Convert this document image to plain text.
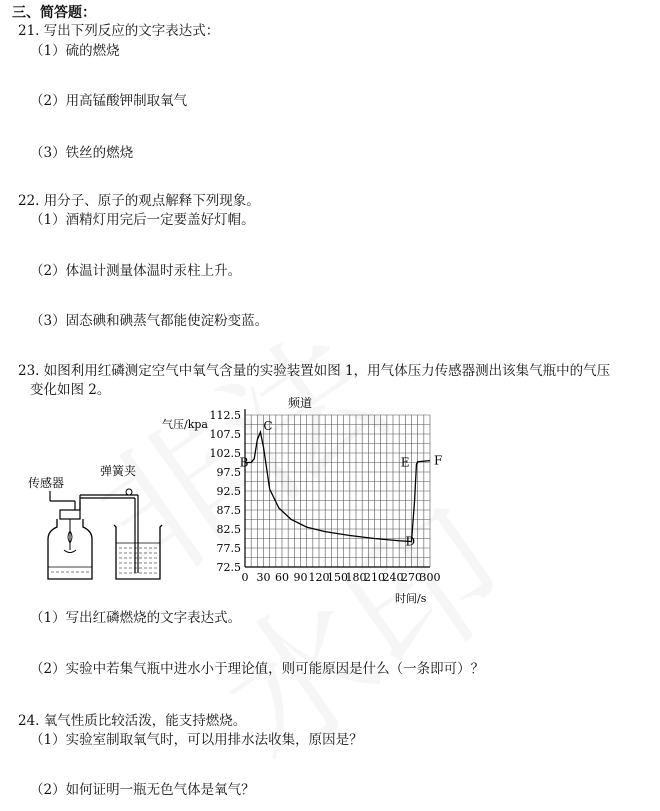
三、简答题：
21. 写出下列反应的文字表达式：
（1）硫的燃烧
（2）用高锰酸钾制取氧气
（3）铁丝的燃烧
22. 用分子、原子的观点解释下列现象。
（1）酒精灯用完后一定要盖好灯帽。
（2）体温计测量体温时汞柱上升。
（3）固态碘和碘蒸气都能使淀粉变蓝。
23. 如图利用红磷测定空气中氧气含量的实验装置如图 1，用气体压力传感器测出该集气瓶中的气压
变化如图 2。
传感器
弹簧夹
0 30 60 90 120
150
180
210
240
270
300
72.5
77.5
82.5
87.5
92.5
97.5
102.5
107.5
112.5
B
C
D
E F
频道
气压/kpa
时间/s
（1）写出红磷燃烧的文字表达式。
（2）实验中若集气瓶中进水小于理论值，则可能原因是什么（一条即可）？
24. 氧气性质比较活泼，能支持燃烧。
（1）实验室制取氧气时，可以用排水法收集，原因是？
（2）如何证明一瓶无色气体是氧气？
